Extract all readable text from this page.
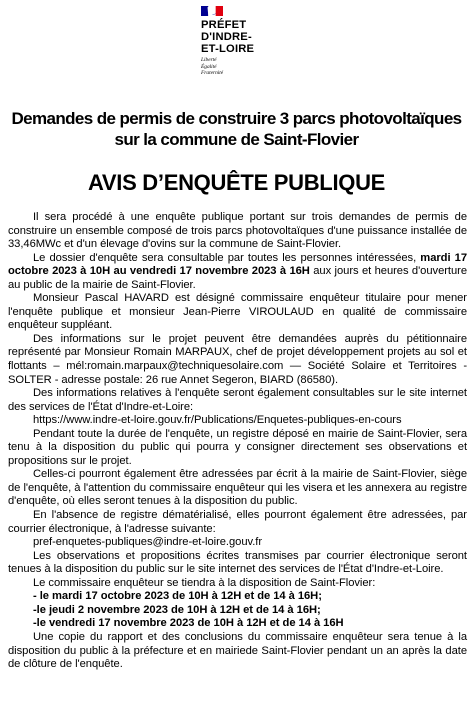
PRÉFET
D'INDRE-
ET-LOIRE
Liberté
Égalité
Fraternité
Demandes de permis de construire 3 parcs photovoltaïques
sur la commune de Saint-Flovier
AVIS D’ENQUÊTE PUBLIQUE

Il sera procédé à une enquête publique portant sur trois demandes de permis de construire un ensemble composé de trois parcs photovoltaïques d'une puissance installée de 33,46MWc et d'un élevage d'ovins sur la commune de Saint-Flovier.

Le dossier d'enquête sera consultable par toutes les personnes intéressées, mardi 17 octobre 2023 à 10H au vendredi 17 novembre 2023 à 16H aux jours et heures d'ouverture au public de la mairie de Saint-Flovier.

Monsieur Pascal HAVARD est désigné commissaire enquêteur titulaire pour mener l'enquête publique et monsieur Jean-Pierre VIROULAUD en qualité de commissaire enquêteur suppléant.

Des informations sur le projet peuvent être demandées auprès du pétitionnaire représenté par Monsieur Romain MARPAUX, chef de projet développement projets au sol et flottants – mél:romain.marpaux@techniquesolaire.com — Société Solaire et Territoires - SOLTER - adresse postale: 26 rue Annet Segeron, BIARD (86580).

Des informations relatives à l'enquête seront également consultables sur le site internet des services de l'État d'Indre-et-Loire:

https://www.indre-et-loire.gouv.fr/Publications/Enquetes-publiques-en-cours

Pendant toute la durée de l'enquête, un registre déposé en mairie de Saint-Flovier, sera tenu à la disposition du public qui pourra y consigner directement ses observations et propositions sur le projet.

Celles-ci pourront également être adressées par écrit à la mairie de Saint-Flovier, siège de l'enquête, à l'attention du commissaire enquêteur qui les visera et les annexera au registre d'enquête, où elles seront tenues à la disposition du public.

En l'absence de registre dématérialisé, elles pourront également être adressées, par courrier électronique, à l'adresse suivante:

pref-enquetes-publiques@indre-et-loire.gouv.fr

Les observations et propositions écrites transmises par courrier électronique seront tenues à la disposition du public sur le site internet des services de l'État d'Indre-et-Loire.

Le commissaire enquêteur se tiendra à la disposition de Saint-Flovier:

- le mardi 17 octobre 2023 de 10H à 12H et de 14 à 16H;

-le jeudi 2 novembre 2023 de 10H à 12H et de 14 à 16H;

-le vendredi 17 novembre 2023 de 10H à 12H et de 14 à 16H

Une copie du rapport et des conclusions du commissaire enquêteur sera tenue à la disposition du public à la préfecture et en mairiede Saint-Flovier pendant un an après la date de clôture de l'enquête.
